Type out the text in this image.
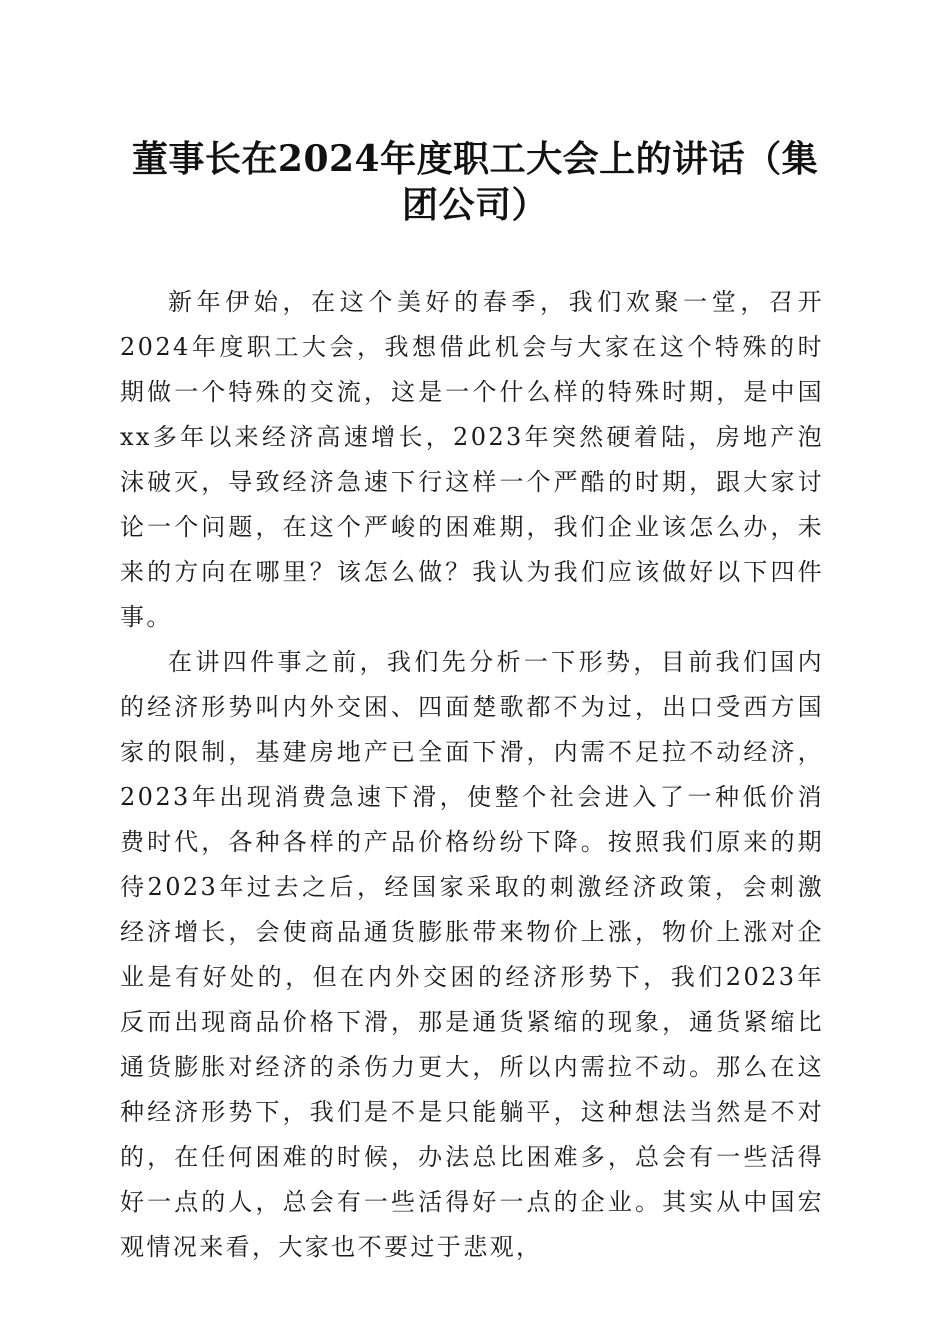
董事长在2024年度职工大会上的讲话（集团公司）

新年伊始，在这个美好的春季，我们欢聚一堂，召开2024年度职工大会，我想借此机会与大家在这个特殊的时期做一个特殊的交流，这是一个什么样的特殊时期，是中国xx多年以来经济高速增长，2023年突然硬着陆，房地产泡沫破灭，导致经济急速下行这样一个严酷的时期，跟大家讨论一个问题，在这个严峻的困难期，我们企业该怎么办，未来的方向在哪里？该怎么做？我认为我们应该做好以下四件事。

在讲四件事之前，我们先分析一下形势，目前我们国内的经济形势叫内外交困、四面楚歌都不为过，出口受西方国家的限制，基建房地产已全面下滑，内需不足拉不动经济，2023年出现消费急速下滑，使整个社会进入了一种低价消费时代，各种各样的产品价格纷纷下降。按照我们原来的期待2023年过去之后，经国家采取的刺激经济政策，会刺激经济增长，会使商品通货膨胀带来物价上涨，物价上涨对企业是有好处的，但在内外交困的经济形势下，我们2023年反而出现商品价格下滑，那是通货紧缩的现象，通货紧缩比通货膨胀对经济的杀伤力更大，所以内需拉不动。那么在这种经济形势下，我们是不是只能躺平，这种想法当然是不对的，在任何困难的时候，办法总比困难多，总会有一些活得好一点的人，总会有一些活得好一点的企业。其实从中国宏观情况来看，大家也不要过于悲观，
